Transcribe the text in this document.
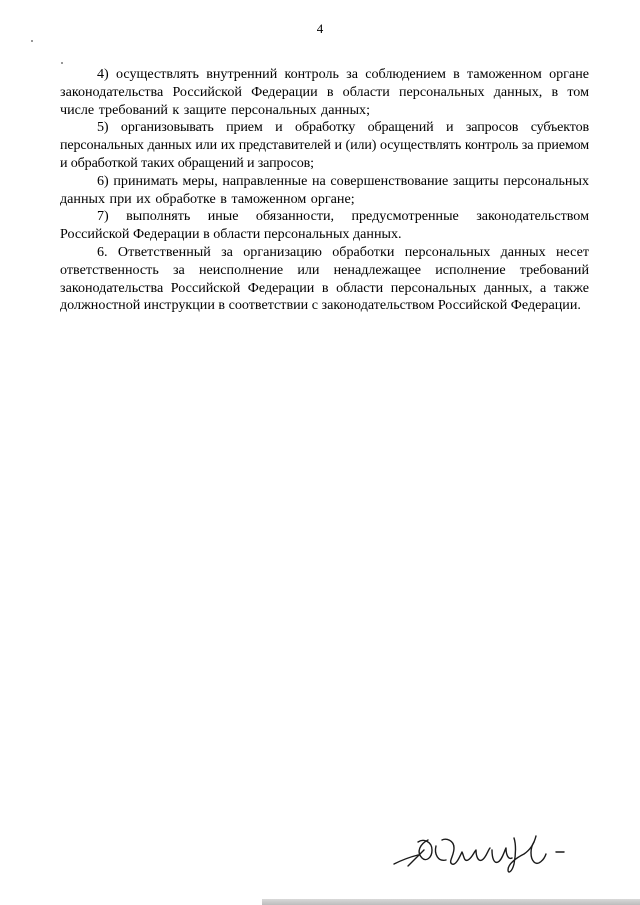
4

4) осуществлять внутренний контроль за соблюдением в таможенном органе законодательства Российской Федерации в области персональных данных, в том числе требований к защите персональных данных;

5) организовывать прием и обработку обращений и запросов субъектов персональных данных или их представителей и (или) осуществлять контроль за приемом и обработкой таких обращений и запросов;

6) принимать меры, направленные на совершенствование защиты персональных данных при их обработке в таможенном органе;

7) выполнять иные обязанности, предусмотренные законодательством Российской Федерации в области персональных данных.

6. Ответственный за организацию обработки персональных данных несет ответственность за неисполнение или ненадлежащее исполнение требований законодательства Российской Федерации в области персональных данных, а также должностной инструкции в соответствии с законодательством Российской Федерации.
